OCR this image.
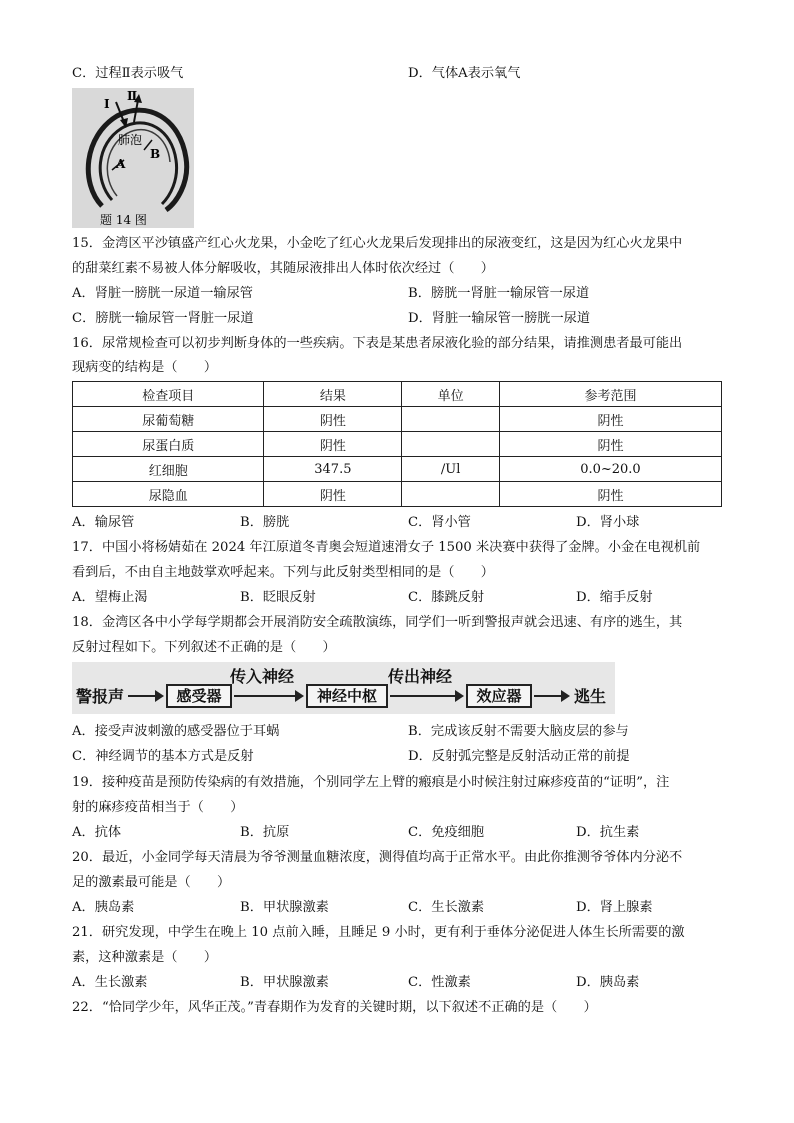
C．过程Ⅱ表示吸气	D．气体A表示氧气
I
Ⅱ
肺泡
A
B
题 14 图
15．金湾区平沙镇盛产红心火龙果，小金吃了红心火龙果后发现排出的尿液变红，这是因为红心火龙果中
的甜菜红素不易被人体分解吸收，其随尿液排出人体时依次经过（　　）
A．肾脏一膀胱一尿道一输尿管	B．膀胱一肾脏一输尿管一尿道
C．膀胱一输尿管一肾脏一尿道	D．肾脏一输尿管一膀胱一尿道
16．尿常规检查可以初步判断身体的一些疾病。下表是某患者尿液化验的部分结果，请推测患者最可能出
现病变的结构是（　　）
检查项目	结果	单位	参考范围
尿葡萄糖	阴性		阴性
尿蛋白质	阴性		阴性
红细胞	347.5	/Ul	0.0~20.0
尿隐血	阴性		阴性
A．输尿管	B．膀胱	C．肾小管	D．肾小球
17．中国小将杨婧茹在 2024 年江原道冬青奥会短道速滑女子 1500 米决赛中获得了金牌。小金在电视机前
看到后，不由自主地鼓掌欢呼起来。下列与此反射类型相同的是（　　）
A．望梅止渴	B．眨眼反射	C．膝跳反射	D．缩手反射
18．金湾区各中小学每学期都会开展消防安全疏散演练，同学们一听到警报声就会迅速、有序的逃生，其
反射过程如下。下列叙述不正确的是（　　）
警报声	感受器
传入神经
神经中枢
传出神经
效应器	逃生
A．接受声波刺激的感受器位于耳蜗	B．完成该反射不需要大脑皮层的参与
C．神经调节的基本方式是反射	D．反射弧完整是反射活动正常的前提
19．接种疫苗是预防传染病的有效措施，个别同学左上臂的瘢痕是小时候注射过麻疹疫苗的“证明”，注
射的麻疹疫苗相当于（　　）
A．抗体	B．抗原	C．免疫细胞	D．抗生素
20．最近，小金同学每天清晨为爷爷测量血糖浓度，测得值均高于正常水平。由此你推测爷爷体内分泌不
足的激素最可能是（　　）
A．胰岛素	B．甲状腺激素	C．生长激素	D．肾上腺素
21．研究发现，中学生在晚上 10 点前入睡，且睡足 9 小时，更有利于垂体分泌促进人体生长所需要的激
素，这种激素是（　　）
A．生长激素	B．甲状腺激素	C．性激素	D．胰岛素
22．“恰同学少年，风华正茂。”青春期作为发育的关键时期，以下叙述不正确的是（　　）
